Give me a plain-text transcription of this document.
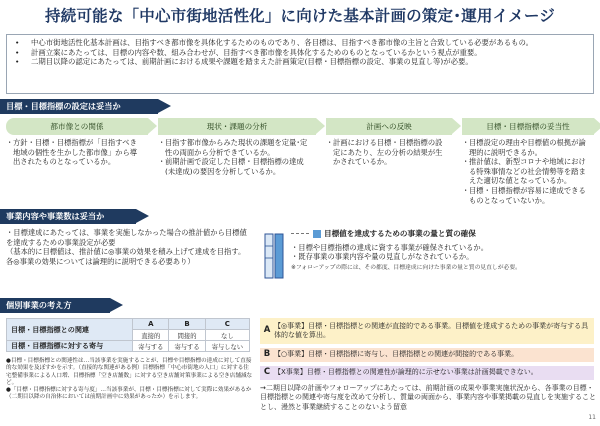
持続可能な「中心市街地活性化」に向けた基本計画の策定･運用イメージ
•	中心市街地活性化基本計画は、目指すべき都市像を具体化するためのものであり、各目標は、目指すべき都市像の主旨と合致している必要があるもの。
•	計画立案にあたっては、目標の内容や数、組み合わせが、目指すべき都市像を具体化するためのものとなっているかという視点が重要。
•	二期目以降の認定にあたっては、前期計画における成果や課題を踏まえた計画策定(目標・目標指標の設定、事業の見直し等)が必要。
目標・目標指標の設定は妥当か
都市像との関係
・ 方針・目標・目標指標が「目指すべき地域の個性を生かした都市像」から導出されたものとなっているか。
現状・課題の分析
・ 目指す都市像からみた現状の課題を定量･定性の両面から分析できているか。
・ 前期計画で設定した目標・目標指標の達成(未達成)の要因を分析しているか。
計画への反映
・ 計画における目標・目標指標の設定にあたり、左の分析の結果が生かされているか。
目標・目標指標の妥当性
・ 目標設定の理由や目標値の根拠が論理的に説明できるか。
・ 推計値は、新型コロナや地域における特殊事情などの社会情勢等を踏まえた適切な値となっているか。
・ 目標・目標指標が容易に達成できるものとなっていないか。
事業内容や事業数は妥当か
・目標達成にあたっては、事業を実施しなかった場合の推計値から目標値を達成するための事業設定が必要
（基本的に目標値は、推計値に◎事業の効果を積み上げて達成を目指す。各◎事業の効果については論理的に説明できる必要あり）
目標値を達成するための事業の量と質の確保
・目標や目標指標の達成に資する事業が確保されているか。
・既存事業の事業内容や量の見直しがなされているか。
※フォローアップの際には、その都度、目標達成に向けた事業の量と質の見直しが必要。
個別事業の考え方
目標・目標指標との関連	A	B	C
	直接的	間接的	なし
目標・目標指標に対する寄与	寄与する	寄与する	寄与しない
●目標・目標指標との関連性は…当該事業を実施することが、目標や目標指標の達成に対して直接的な効果を及ぼすかを示す。（直接的な関連がある例）目標指標「中心市街地の人口」に対する住宅整備事業による人口増、目標指標「空き店舗数」に対する空き店舗対策事業による空き店舗減など。
●「目標・目標指標に対する寄与度」…当該事業が、目標・目標指標に対して実際に効果があるか（二期目以降の自治体においては前期計画中に効果があったか）を示します。
A 【◎事業】目標・目標指標との関連が直接的である事業。目標値を達成するための事業が寄与する具体的な値を算出。
B 【○事業】目標・目標指標に寄与し、目標指標との関連が間接的である事業。
C 【X事業】目標・目標指標との関連性が論理的に示せない事業は計画掲載できない。
→二期目以降の計画やフォローアップにあたっては、前期計画の成果や事業実施状況から、各事業の目標・目標指標との関連や寄与度を改めて分析し、質量の両面から、事業内容や事業掲載の見直しを実施することとし、漫然と事業継続することのないよう留意
11
